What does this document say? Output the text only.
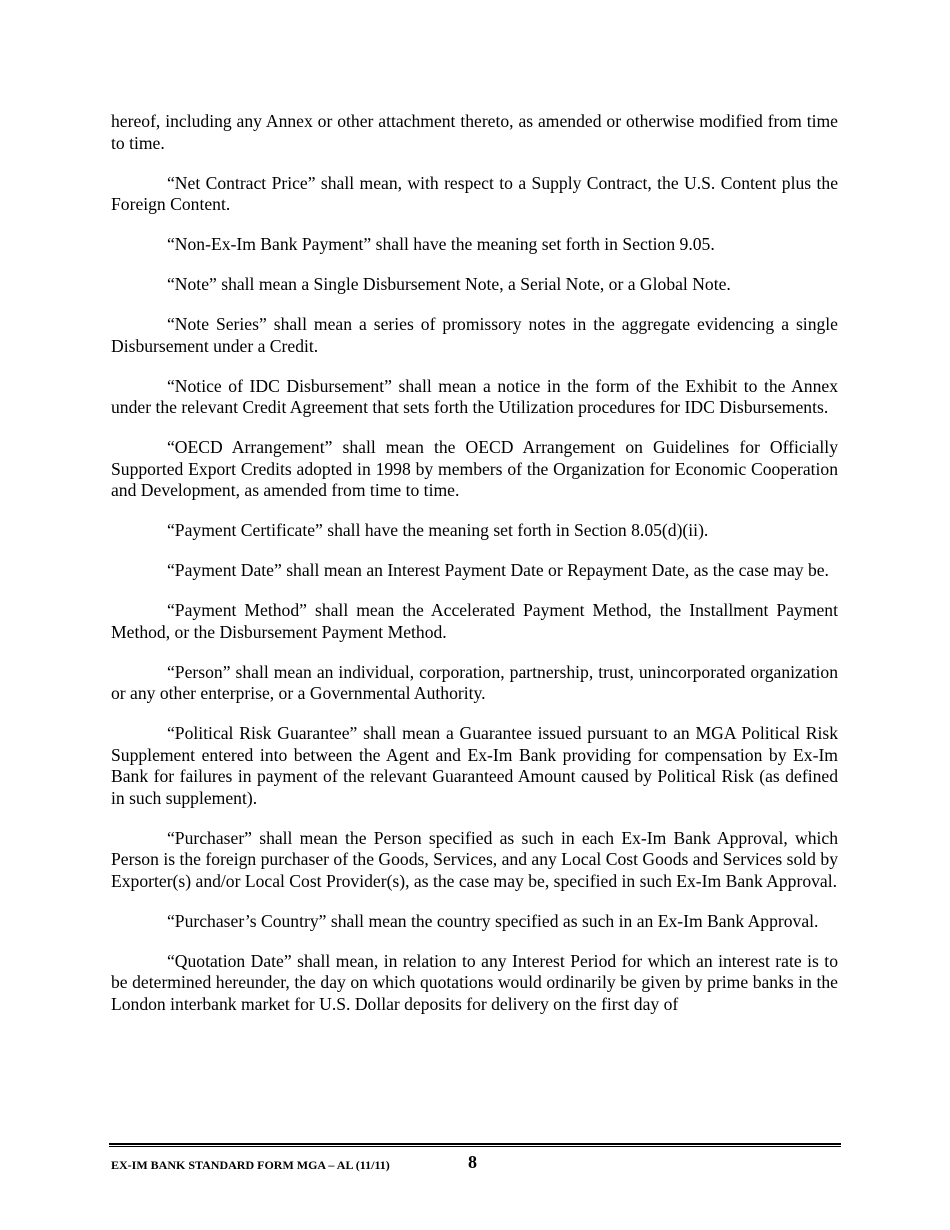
hereof, including any Annex or other attachment thereto, as amended or otherwise modified from time to time.

“Net Contract Price” shall mean, with respect to a Supply Contract, the U.S. Content plus the Foreign Content.

“Non-Ex-Im Bank Payment” shall have the meaning set forth in Section 9.05.

“Note” shall mean a Single Disbursement Note, a Serial Note, or a Global Note.

“Note Series” shall mean a series of promissory notes in the aggregate evidencing a single Disbursement under a Credit.

“Notice of IDC Disbursement” shall mean a notice in the form of the Exhibit to the Annex under the relevant Credit Agreement that sets forth the Utilization procedures for IDC Disbursements.

“OECD Arrangement” shall mean the OECD Arrangement on Guidelines for Officially Supported Export Credits adopted in 1998 by members of the Organization for Economic Cooperation and Development, as amended from time to time.

“Payment Certificate” shall have the meaning set forth in Section 8.05(d)(ii).

“Payment Date” shall mean an Interest Payment Date or Repayment Date, as the case may be.

“Payment Method” shall mean the Accelerated Payment Method, the Installment Payment Method, or the Disbursement Payment Method.

“Person” shall mean an individual, corporation, partnership, trust, unincorporated organization or any other enterprise, or a Governmental Authority.

“Political Risk Guarantee” shall mean a Guarantee issued pursuant to an MGA Political Risk Supplement entered into between the Agent and Ex-Im Bank providing for compensation by Ex-Im Bank for failures in payment of the relevant Guaranteed Amount caused by Political Risk (as defined in such supplement).

“Purchaser” shall mean the Person specified as such in each Ex-Im Bank Approval, which Person is the foreign purchaser of the Goods, Services, and any Local Cost Goods and Services sold by Exporter(s) and/or Local Cost Provider(s), as the case may be, specified in such Ex-Im Bank Approval.

“Purchaser’s Country” shall mean the country specified as such in an Ex-Im Bank Approval.

“Quotation Date” shall mean, in relation to any Interest Period for which an interest rate is to be determined hereunder, the day on which quotations would ordinarily be given by prime banks in the London interbank market for U.S. Dollar deposits for delivery on the first day of

EX-IM BANK STANDARD FORM MGA – AL (11/11)	8
